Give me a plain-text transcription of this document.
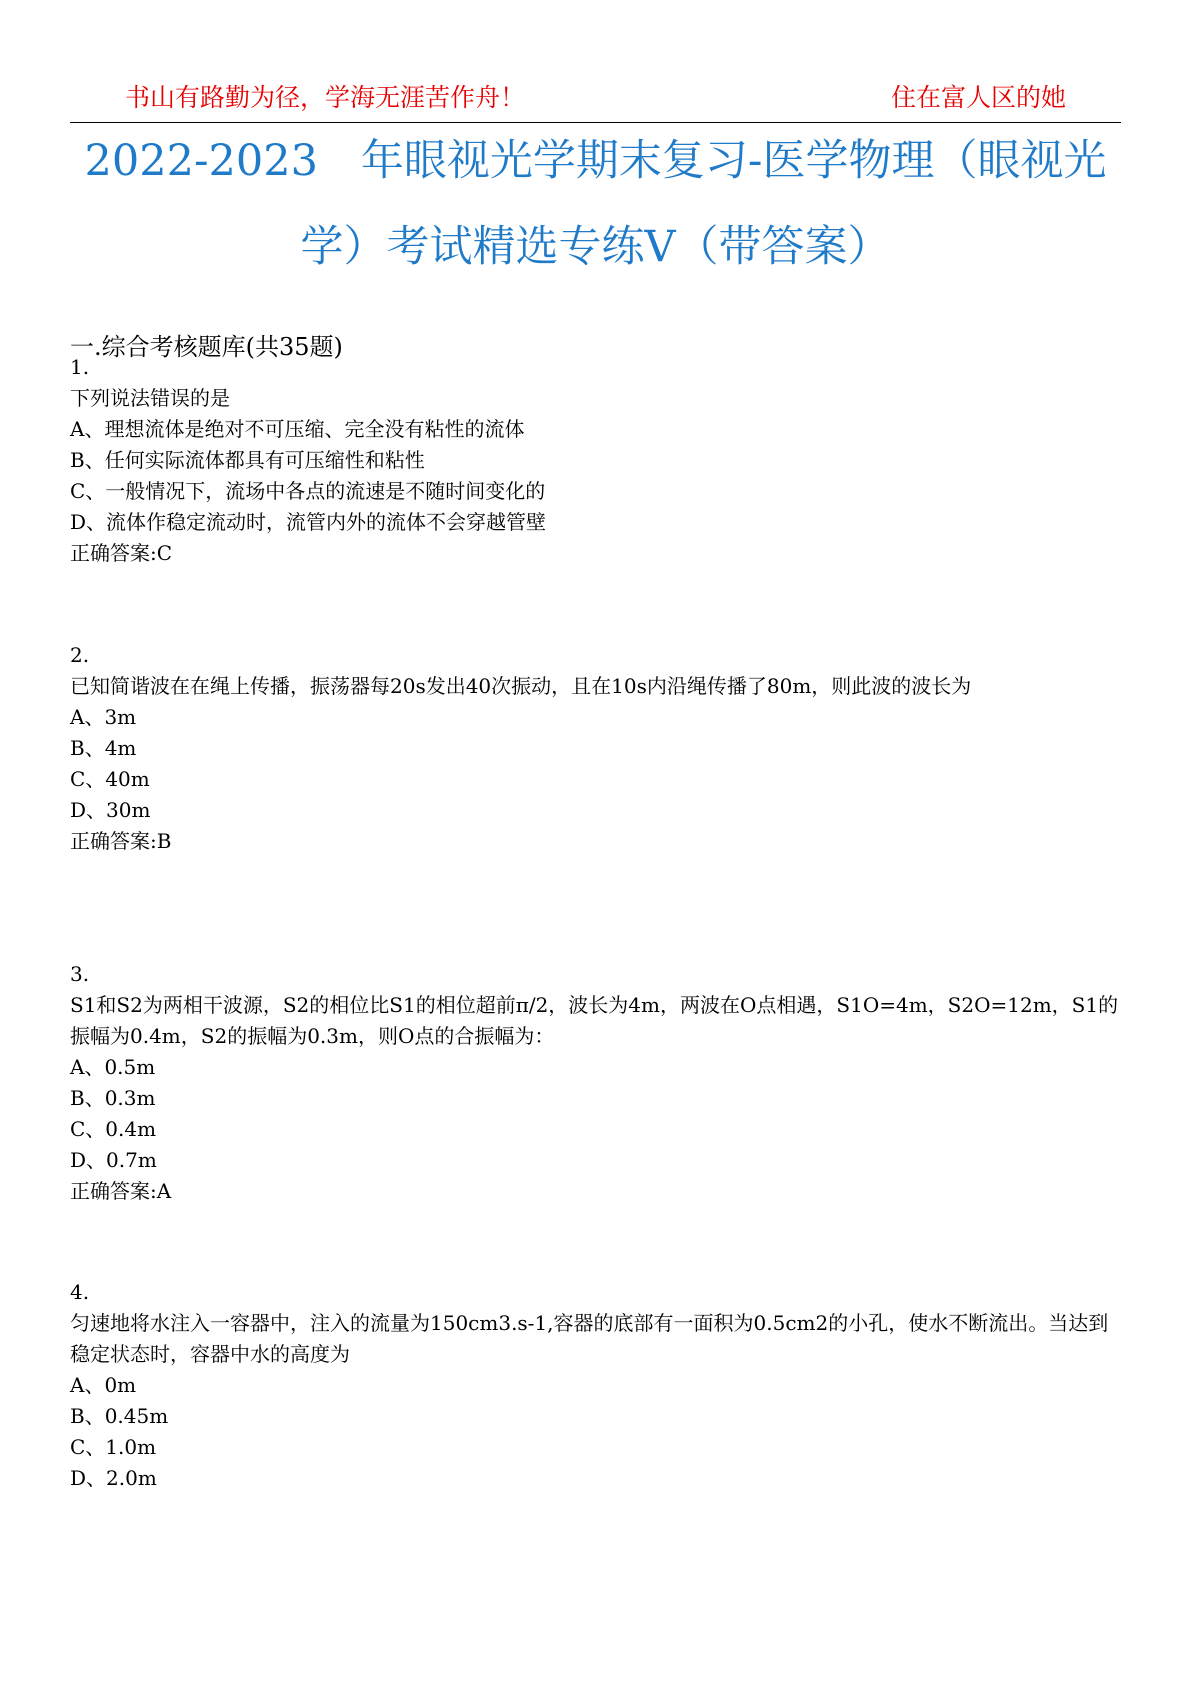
书山有路勤为径，学海无涯苦作舟！	住在富人区的她
2022-2023　年眼视光学期末复习-医学物理（眼视光学）考试精选专练V（带答案）
一.综合考核题库(共35题)
1.
下列说法错误的是
A、理想流体是绝对不可压缩、完全没有粘性的流体
B、任何实际流体都具有可压缩性和粘性
C、一般情况下，流场中各点的流速是不随时间变化的
D、流体作稳定流动时，流管内外的流体不会穿越管壁
正确答案:C
2.
已知简谐波在在绳上传播，振荡器每20s发出40次振动，且在10s内沿绳传播了80m，则此波的波长为
A、3m
B、4m
C、40m
D、30m
正确答案:B
3.
S1和S2为两相干波源，S2的相位比S1的相位超前π/2，波长为4m，两波在O点相遇，S1O=4m，S2O=12m，S1的振幅为0.4m，S2的振幅为0.3m，则O点的合振幅为：
A、0.5m
B、0.3m
C、0.4m
D、0.7m
正确答案:A
4.
匀速地将水注入一容器中，注入的流量为150cm3.s-1,容器的底部有一面积为0.5cm2的小孔，使水不断流出。当达到稳定状态时，容器中水的高度为
A、0m
B、0.45m
C、1.0m
D、2.0m
